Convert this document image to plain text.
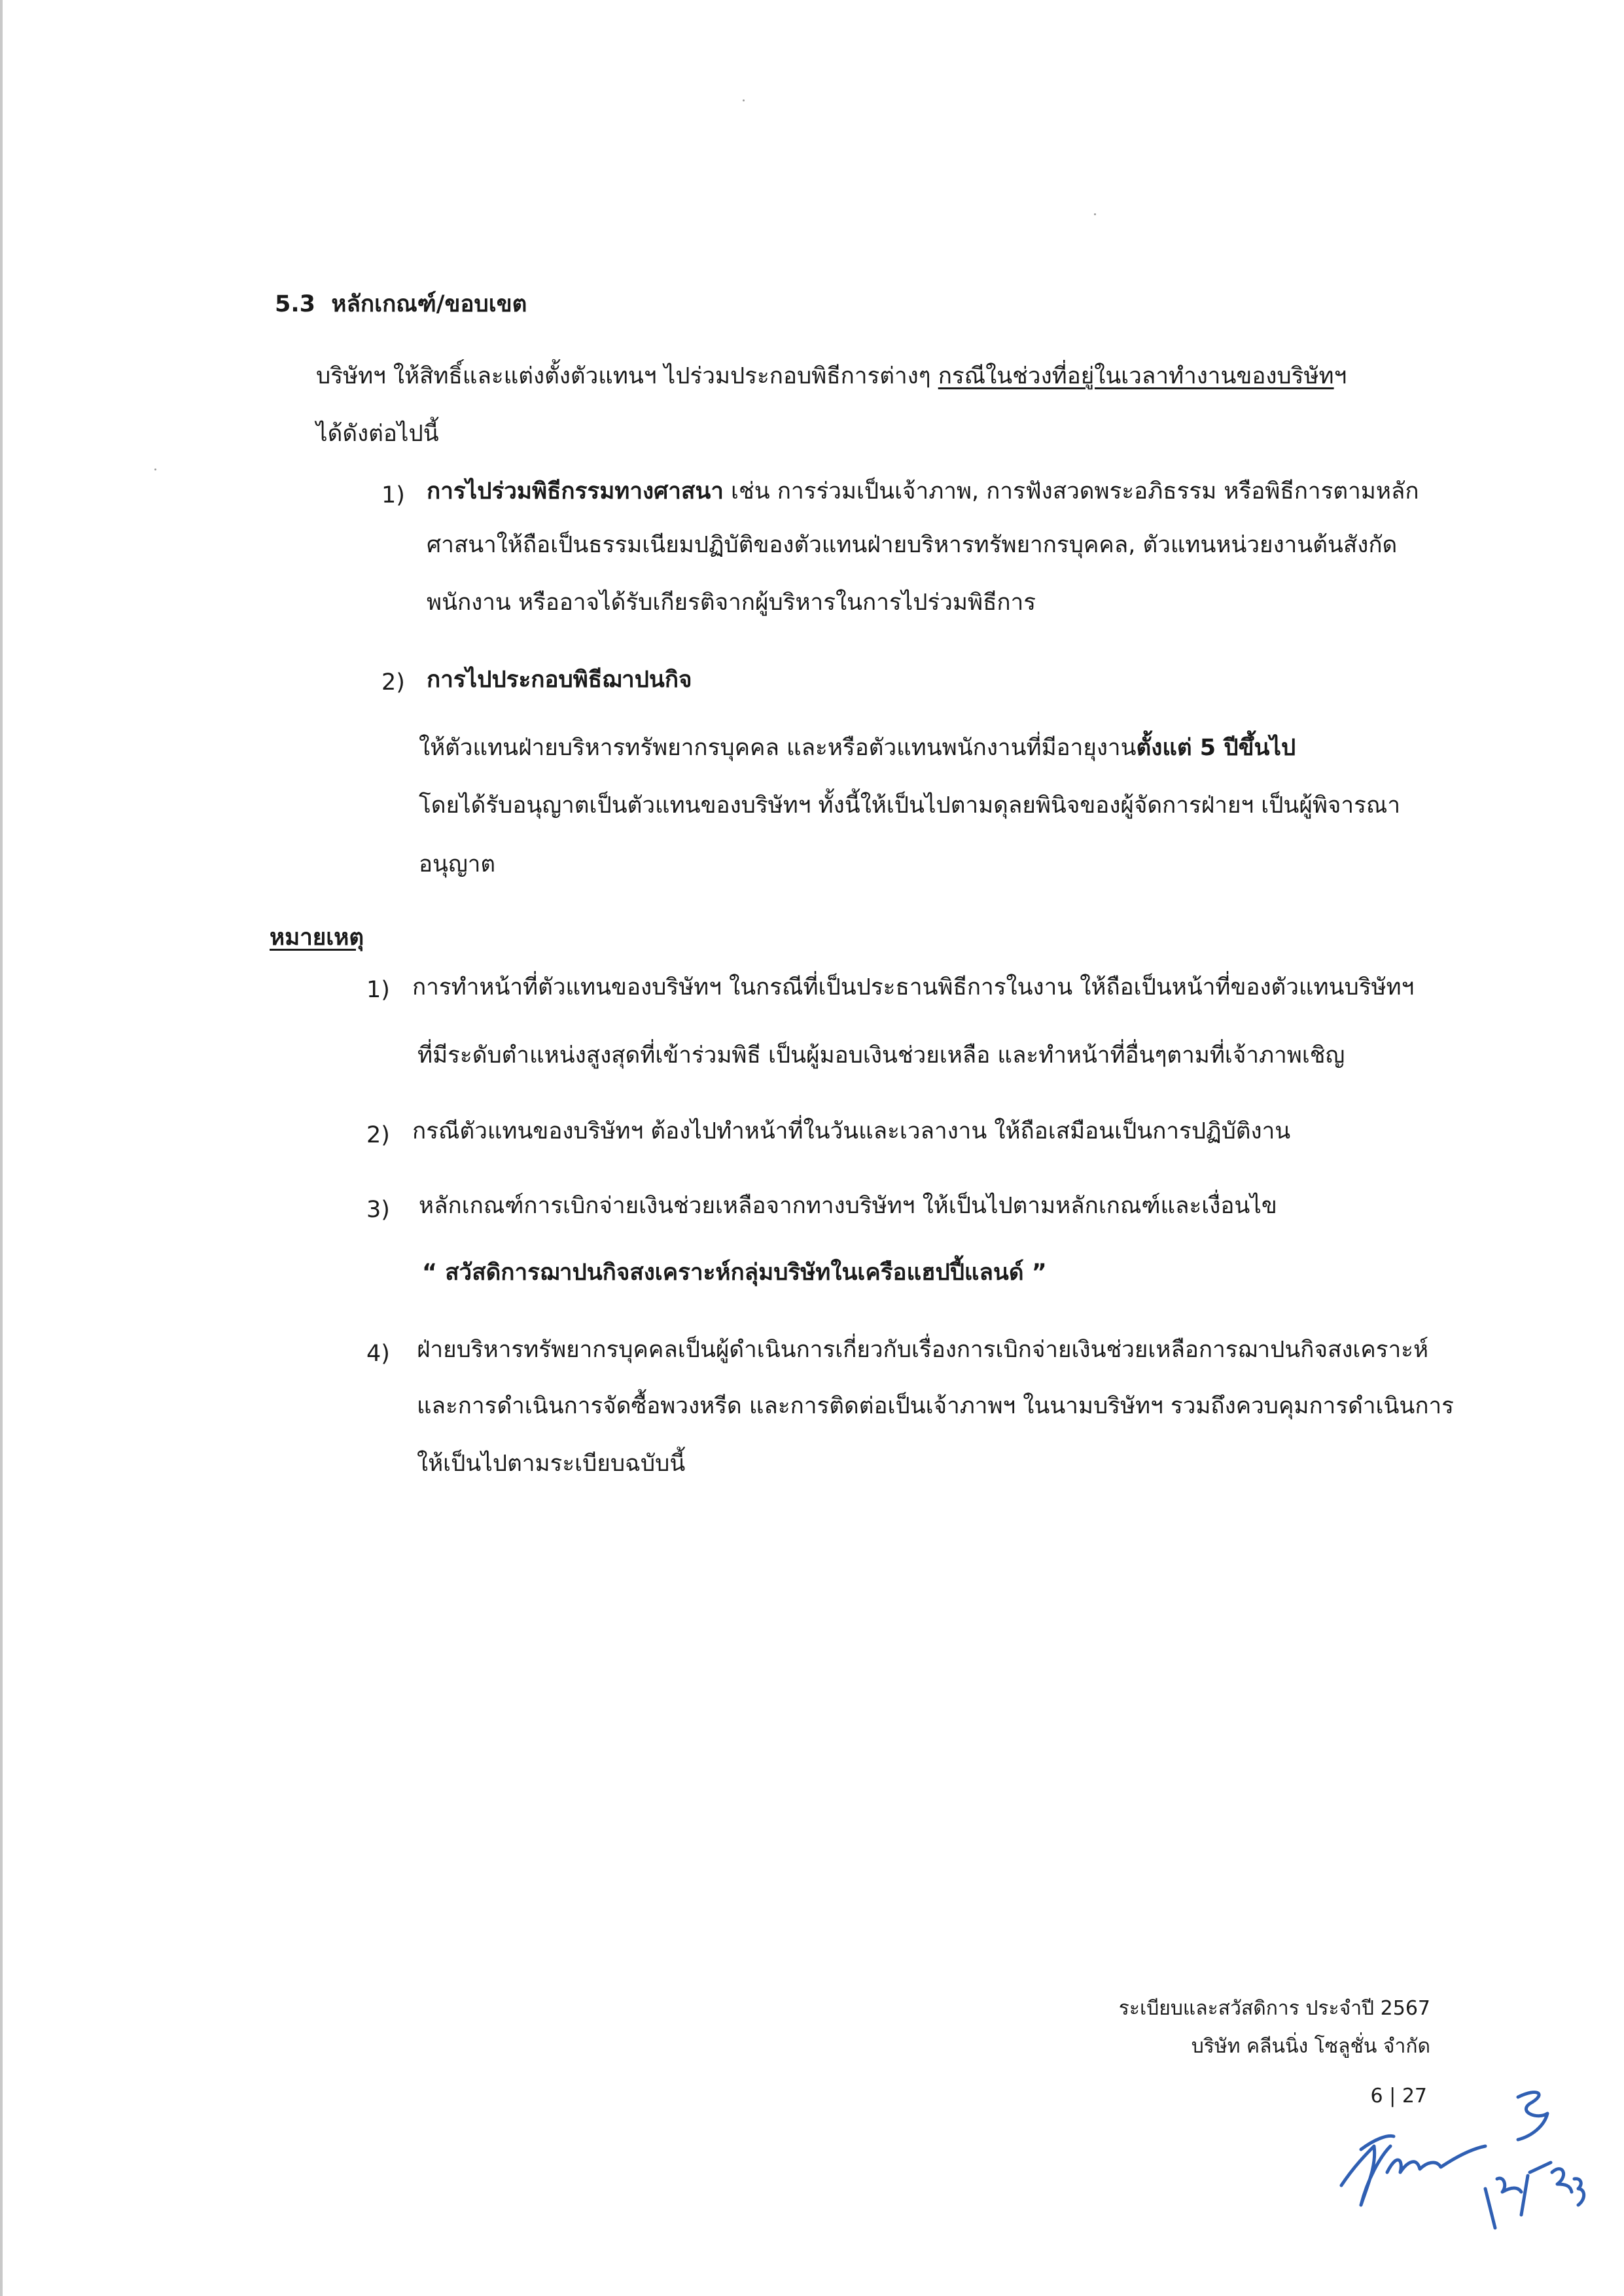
5.3 หลักเกณฑ์/ขอบเขต
บริษัทฯ ให้สิทธิ์และแต่งตั้งตัวแทนฯ ไปร่วมประกอบพิธีการต่างๆ กรณีในช่วงที่อยู่ในเวลาทำงานของบริษัทฯ
ได้ดังต่อไปนี้
1) การไปร่วมพิธีกรรมทางศาสนา เช่น การร่วมเป็นเจ้าภาพ, การฟังสวดพระอภิธรรม หรือพิธีการตามหลัก
ศาสนาให้ถือเป็นธรรมเนียมปฏิบัติของตัวแทนฝ่ายบริหารทรัพยากรบุคคล, ตัวแทนหน่วยงานต้นสังกัด
พนักงาน หรืออาจได้รับเกียรติจากผู้บริหารในการไปร่วมพิธีการ
2) การไปประกอบพิธีฌาปนกิจ
ให้ตัวแทนฝ่ายบริหารทรัพยากรบุคคล และหรือตัวแทนพนักงานที่มีอายุงานตั้งแต่ 5 ปีขึ้นไป
โดยได้รับอนุญาตเป็นตัวแทนของบริษัทฯ ทั้งนี้ให้เป็นไปตามดุลยพินิจของผู้จัดการฝ่ายฯ เป็นผู้พิจารณา
อนุญาต
หมายเหตุ
1) การทำหน้าที่ตัวแทนของบริษัทฯ ในกรณีที่เป็นประธานพิธีการในงาน ให้ถือเป็นหน้าที่ของตัวแทนบริษัทฯ
ที่มีระดับตำแหน่งสูงสุดที่เข้าร่วมพิธี เป็นผู้มอบเงินช่วยเหลือ และทำหน้าที่อื่นๆตามที่เจ้าภาพเชิญ
2) กรณีตัวแทนของบริษัทฯ ต้องไปทำหน้าที่ในวันและเวลางาน ให้ถือเสมือนเป็นการปฏิบัติงาน
3) หลักเกณฑ์การเบิกจ่ายเงินช่วยเหลือจากทางบริษัทฯ ให้เป็นไปตามหลักเกณฑ์และเงื่อนไข
“ สวัสดิการฌาปนกิจสงเคราะห์กลุ่มบริษัทในเครือแฮปปี้แลนด์ ”
4) ฝ่ายบริหารทรัพยากรบุคคลเป็นผู้ดำเนินการเกี่ยวกับเรื่องการเบิกจ่ายเงินช่วยเหลือการฌาปนกิจสงเคราะห์
และการดำเนินการจัดซื้อพวงหรีด และการติดต่อเป็นเจ้าภาพฯ ในนามบริษัทฯ รวมถึงควบคุมการดำเนินการ
ให้เป็นไปตามระเบียบฉบับนี้
ระเบียบและสวัสดิการ ประจำปี 2567
บริษัท คลีนนิ่ง โซลูชั่น จำกัด
6 | 27
